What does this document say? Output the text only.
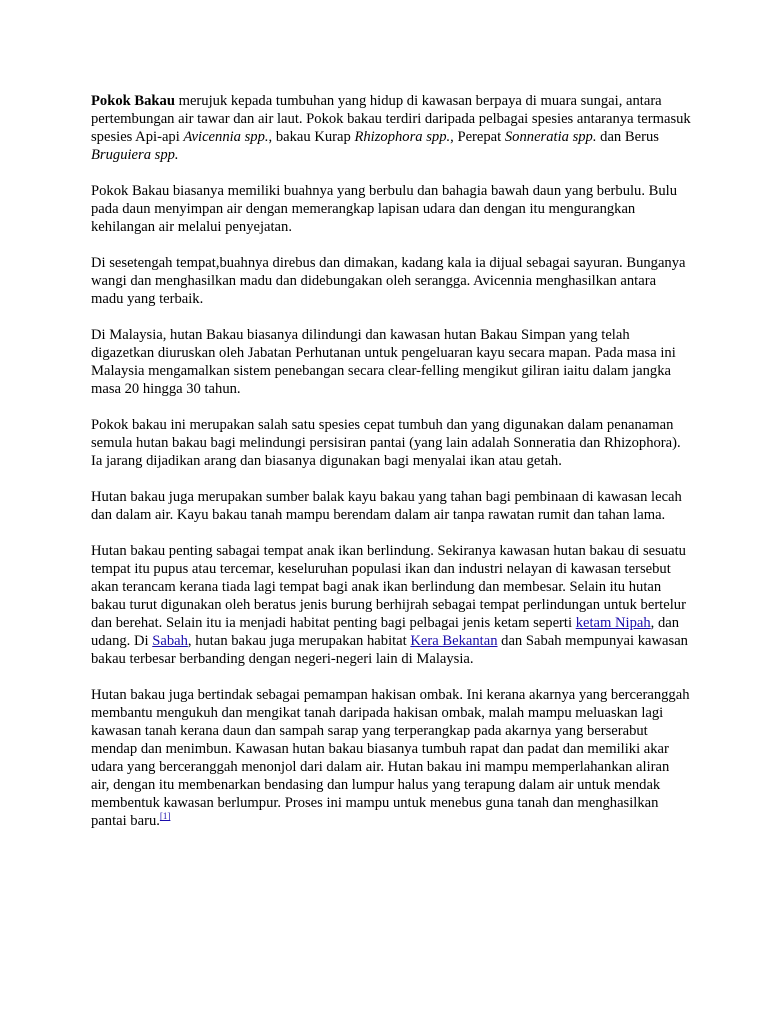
Pokok Bakau merujuk kepada tumbuhan yang hidup di kawasan berpaya di muara sungai, antara pertembungan air tawar dan air laut. Pokok bakau terdiri daripada pelbagai spesies antaranya termasuk spesies Api-api Avicennia spp., bakau Kurap Rhizophora spp., Perepat Sonneratia spp. dan Berus Bruguiera spp.

Pokok Bakau biasanya memiliki buahnya yang berbulu dan bahagia bawah daun yang berbulu. Bulu pada daun menyimpan air dengan memerangkap lapisan udara dan dengan itu mengurangkan kehilangan air melalui penyejatan.

Di sesetengah tempat,buahnya direbus dan dimakan, kadang kala ia dijual sebagai sayuran. Bunganya wangi dan menghasilkan madu dan didebungakan oleh serangga. Avicennia menghasilkan antara madu yang terbaik.

Di Malaysia, hutan Bakau biasanya dilindungi dan kawasan hutan Bakau Simpan yang telah digazetkan diuruskan oleh Jabatan Perhutanan untuk pengeluaran kayu secara mapan. Pada masa ini Malaysia mengamalkan sistem penebangan secara clear-felling mengikut giliran iaitu dalam jangka masa 20 hingga 30 tahun.

Pokok bakau ini merupakan salah satu spesies cepat tumbuh dan yang digunakan dalam penanaman semula hutan bakau bagi melindungi persisiran pantai (yang lain adalah Sonneratia dan Rhizophora). Ia jarang dijadikan arang dan biasanya digunakan bagi menyalai ikan atau getah.

Hutan bakau juga merupakan sumber balak kayu bakau yang tahan bagi pembinaan di kawasan lecah dan dalam air. Kayu bakau tanah mampu berendam dalam air tanpa rawatan rumit dan tahan lama.

Hutan bakau penting sabagai tempat anak ikan berlindung. Sekiranya kawasan hutan bakau di sesuatu tempat itu pupus atau tercemar, keseluruhan populasi ikan dan industri nelayan di kawasan tersebut akan terancam kerana tiada lagi tempat bagi anak ikan berlindung dan membesar. Selain itu hutan bakau turut digunakan oleh beratus jenis burung berhijrah sebagai tempat perlindungan untuk bertelur dan berehat. Selain itu ia menjadi habitat penting bagi pelbagai jenis ketam seperti ketam Nipah, dan udang. Di Sabah, hutan bakau juga merupakan habitat Kera Bekantan dan Sabah mempunyai kawasan bakau terbesar berbanding dengan negeri-negeri lain di Malaysia.

Hutan bakau juga bertindak sebagai pemampan hakisan ombak. Ini kerana akarnya yang berceranggah membantu mengukuh dan mengikat tanah daripada hakisan ombak, malah mampu meluaskan lagi kawasan tanah kerana daun dan sampah sarap yang terperangkap pada akarnya yang berserabut mendap dan menimbun. Kawasan hutan bakau biasanya tumbuh rapat dan padat dan memiliki akar udara yang berceranggah menonjol dari dalam air. Hutan bakau ini mampu memperlahankan aliran air, dengan itu membenarkan bendasing dan lumpur halus yang terapung dalam air untuk mendak membentuk kawasan berlumpur. Proses ini mampu untuk menebus guna tanah dan menghasilkan pantai baru.[1]
